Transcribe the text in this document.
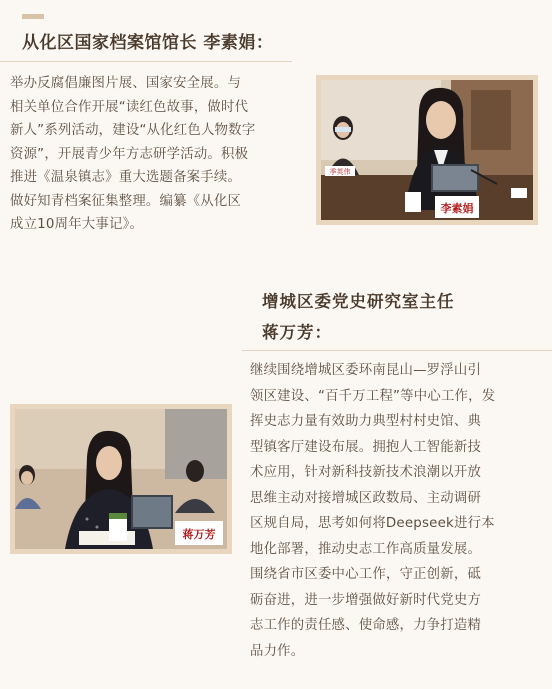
从化区国家档案馆馆长 李素娟：
举办反腐倡廉图片展、国家安全展。与
相关单位合作开展“读红色故事，做时代
新人”系列活动，建设“从化红色人物数字
资源”，开展青少年方志研学活动。积极
推进《温泉镇志》重大选题备案手续。
做好知青档案征集整理。编纂《从化区
成立10周年大事记》。
季英伟
李素娟
增城区委党史研究室主任
蒋万芳：
蒋万芳
继续围绕增城区委环南昆山—罗浮山引
领区建设、“百千万工程”等中心工作，发
挥史志力量有效助力典型村村史馆、典
型镇客厅建设布展。拥抱人工智能新技
术应用，针对新科技新技术浪潮以开放
思维主动对接增城区政数局、主动调研
区规自局，思考如何将Deepseek进行本
地化部署，推动史志工作高质量发展。
围绕省市区委中心工作，守正创新，砥
砺奋进，进一步增强做好新时代党史方
志工作的责任感、使命感，力争打造精
品力作。
